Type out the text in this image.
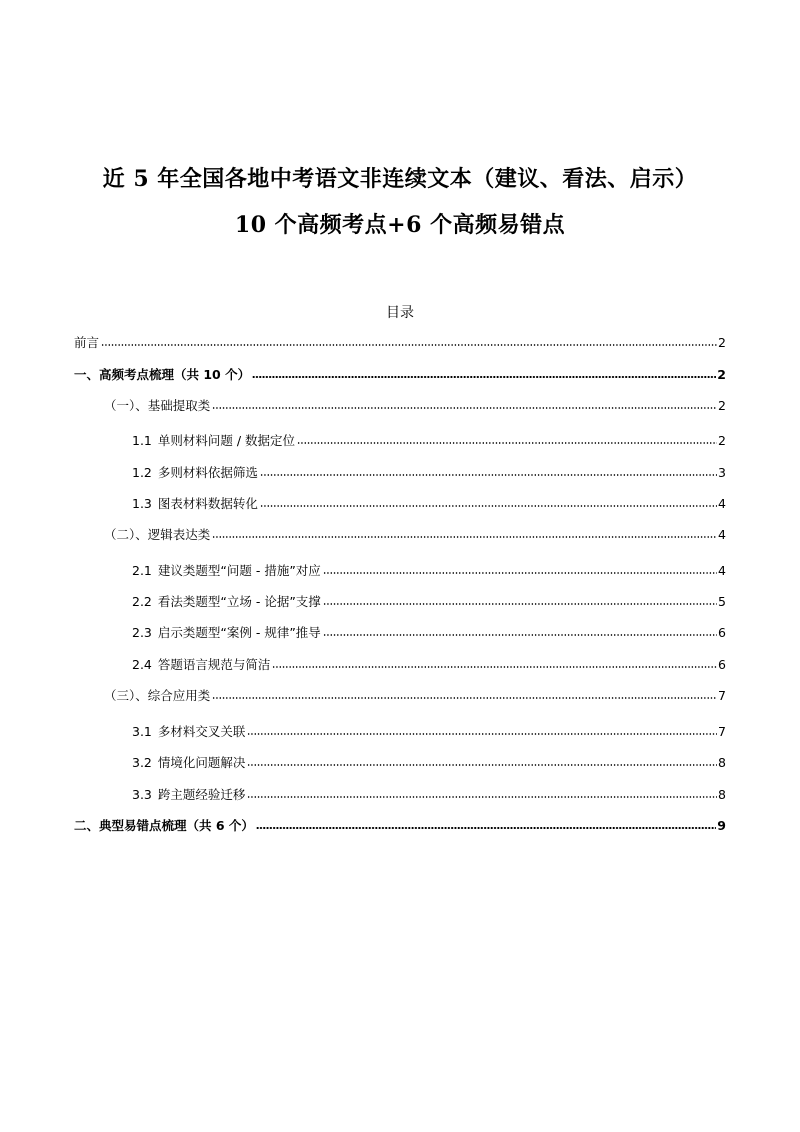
近 5 年全国各地中考语文非连续文本（建议、看法、启示）
10 个高频考点+6 个高频易错点
目录
前言	2
一、高频考点梳理（共 10 个）	2
（一）、基础提取类	2
1.1 单则材料问题 / 数据定位	2
1.2 多则材料依据筛选	3
1.3 图表材料数据转化	4
（二）、逻辑表达类	4
2.1 建议类题型“问题 - 措施”对应	4
2.2 看法类题型“立场 - 论据”支撑	5
2.3 启示类题型“案例 - 规律”推导	6
2.4 答题语言规范与简洁	6
（三）、综合应用类	7
3.1 多材料交叉关联	7
3.2 情境化问题解决	8
3.3 跨主题经验迁移	8
二、典型易错点梳理（共 6 个）	9
